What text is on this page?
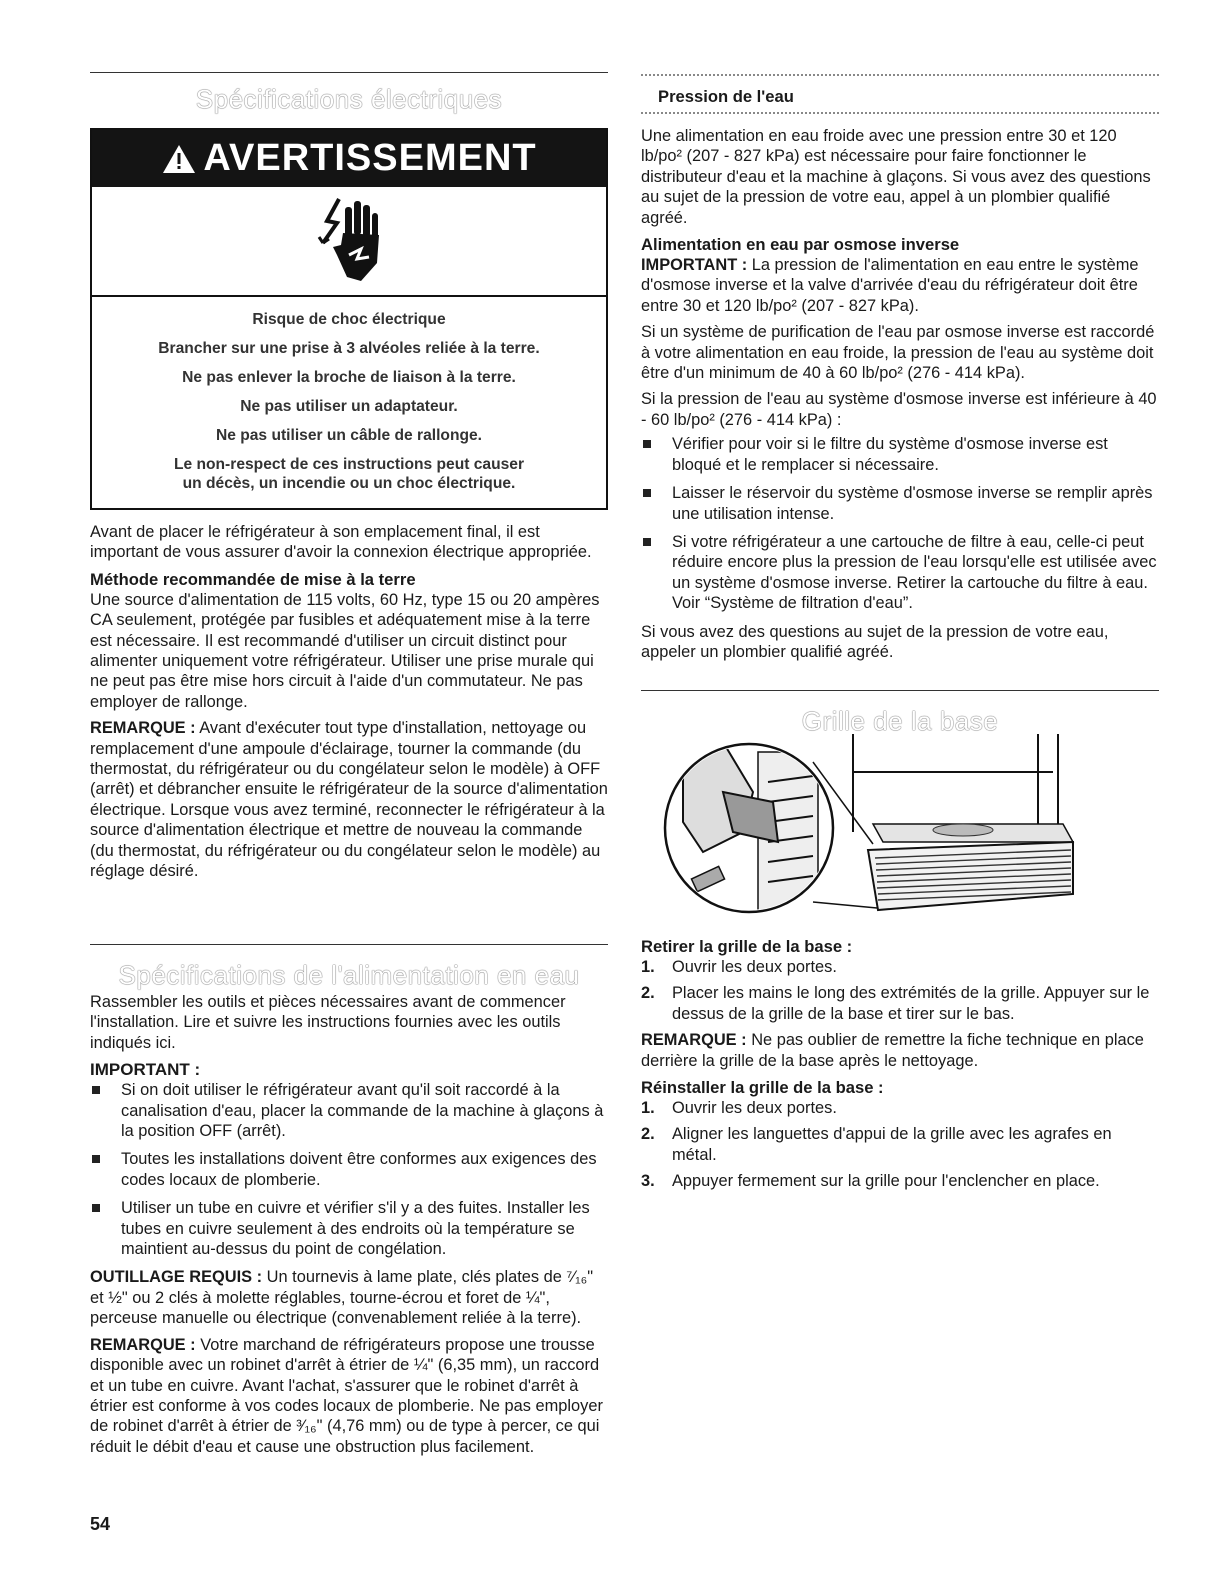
Spécifications électriques
AVERTISSEMENT
Risque de choc électrique
Brancher sur une prise à 3 alvéoles reliée à la terre.
Ne pas enlever la broche de liaison à la terre.
Ne pas utiliser un adaptateur.
Ne pas utiliser un câble de rallonge.
Le non-respect de ces instructions peut causer
un décès, un incendie ou un choc électrique.

Avant de placer le réfrigérateur à son emplacement final, il est important de vous assurer d'avoir la connexion électrique appropriée.

Méthode recommandée de mise à la terre

Une source d'alimentation de 115 volts, 60 Hz, type 15 ou 20 ampères CA seulement, protégée par fusibles et adéquatement mise à la terre est nécessaire. Il est recommandé d'utiliser un circuit distinct pour alimenter uniquement votre réfrigérateur. Utiliser une prise murale qui ne peut pas être mise hors circuit à l'aide d'un commutateur. Ne pas employer de rallonge.

REMARQUE : Avant d'exécuter tout type d'installation, nettoyage ou remplacement d'une ampoule d'éclairage, tourner la commande (du thermostat, du réfrigérateur ou du congélateur selon le modèle) à OFF (arrêt) et débrancher ensuite le réfrigérateur de la source d'alimentation électrique. Lorsque vous avez terminé, reconnecter le réfrigérateur à la source d'alimentation électrique et mettre de nouveau la commande (du thermostat, du réfrigérateur ou du congélateur selon le modèle) au réglage désiré.

Spécifications de l'alimentation en eau

Rassembler les outils et pièces nécessaires avant de commencer l'installation. Lire et suivre les instructions fournies avec les outils indiqués ici.

IMPORTANT :

Si on doit utiliser le réfrigérateur avant qu'il soit raccordé à la canalisation d'eau, placer la commande de la machine à glaçons à la position OFF (arrêt).
Toutes les installations doivent être conformes aux exigences des codes locaux de plomberie.
Utiliser un tube en cuivre et vérifier s'il y a des fuites. Installer les tubes en cuivre seulement à des endroits où la température se maintient au-dessus du point de congélation.

OUTILLAGE REQUIS : Un tournevis à lame plate, clés plates de ⁷⁄₁₆" et ½" ou 2 clés à molette réglables, tourne-écrou et foret de ¼", perceuse manuelle ou électrique (convenablement reliée à la terre).

REMARQUE : Votre marchand de réfrigérateurs propose une trousse disponible avec un robinet d'arrêt à étrier de ¼" (6,35 mm), un raccord et un tube en cuivre. Avant l'achat, s'assurer que le robinet d'arrêt à étrier est conforme à vos codes locaux de plomberie. Ne pas employer de robinet d'arrêt à étrier de ³⁄₁₆" (4,76 mm) ou de type à percer, ce qui réduit le débit d'eau et cause une obstruction plus facilement.

54
Pression de l'eau

Une alimentation en eau froide avec une pression entre 30 et 120 lb/po² (207 - 827 kPa) est nécessaire pour faire fonctionner le distributeur d'eau et la machine à glaçons. Si vous avez des questions au sujet de la pression de votre eau, appel à un plombier qualifié agréé.

Alimentation en eau par osmose inverse

IMPORTANT : La pression de l'alimentation en eau entre le système d'osmose inverse et la valve d'arrivée d'eau du réfrigérateur doit être entre 30 et 120 lb/po² (207 - 827 kPa).

Si un système de purification de l'eau par osmose inverse est raccordé à votre alimentation en eau froide, la pression de l'eau au système doit être d'un minimum de 40 à 60 lb/po² (276 - 414 kPa).

Si la pression de l'eau au système d'osmose inverse est inférieure à 40 - 60 lb/po² (276 - 414 kPa) :

Vérifier pour voir si le filtre du système d'osmose inverse est bloqué et le remplacer si nécessaire.
Laisser le réservoir du système d'osmose inverse se remplir après une utilisation intense.
Si votre réfrigérateur a une cartouche de filtre à eau, celle-ci peut réduire encore plus la pression de l'eau lorsqu'elle est utilisée avec un système d'osmose inverse. Retirer la cartouche du filtre à eau. Voir “Système de filtration d'eau”.

Si vous avez des questions au sujet de la pression de votre eau, appeler un plombier qualifié agréé.

Grille de la base

Retirer la grille de la base :

1. Ouvrir les deux portes.
2. Placer les mains le long des extrémités de la grille. Appuyer sur le dessus de la grille de la base et tirer sur le bas.

REMARQUE : Ne pas oublier de remettre la fiche technique en place derrière la grille de la base après le nettoyage.

Réinstaller la grille de la base :

1. Ouvrir les deux portes.
2. Aligner les languettes d'appui de la grille avec les agrafes en métal.
3. Appuyer fermement sur la grille pour l'enclencher en place.
